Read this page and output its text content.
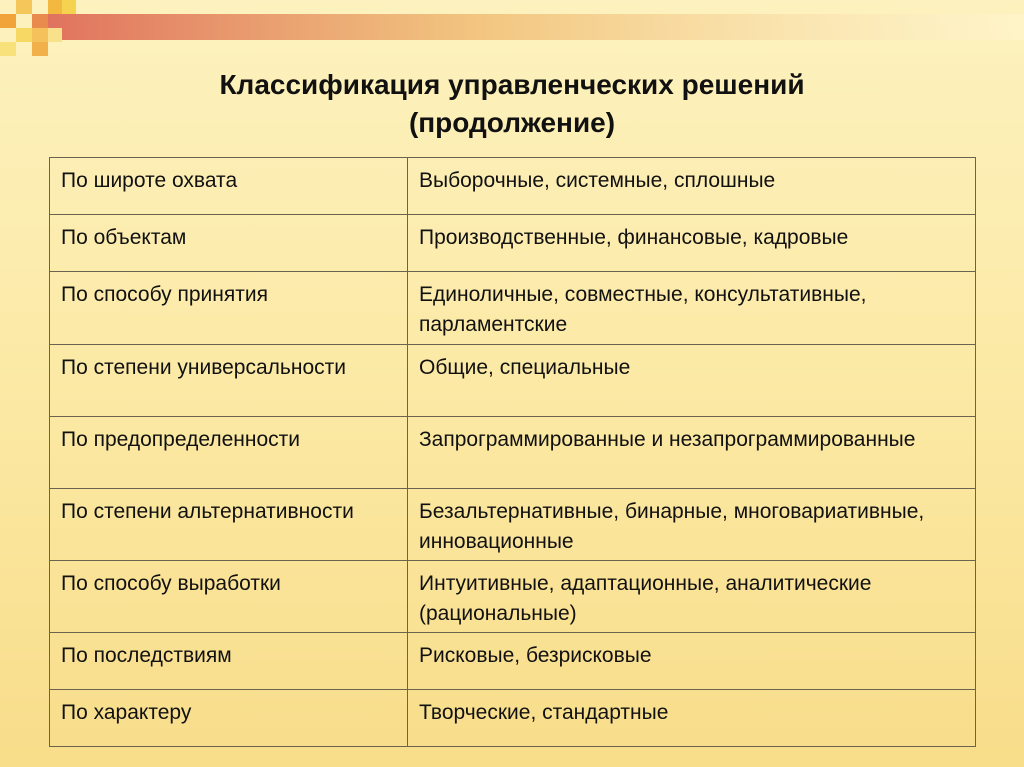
Классификация управленческих решений
(продолжение)
По широте охвата	Выборочные, системные, сплошные
По объектам	Производственные, финансовые, кадровые
По способу принятия	Единоличные, совместные, консультативные, парламентские
По степени универсальности	Общие, специальные
По предопределенности	Запрограммированные и незапрограммированные
По степени альтернативности	Безальтернативные, бинарные, многовариативные, инновационные
По способу выработки	Интуитивные, адаптационные, аналитические (рациональные)
По последствиям	Рисковые, безрисковые
По характеру	Творческие, стандартные
